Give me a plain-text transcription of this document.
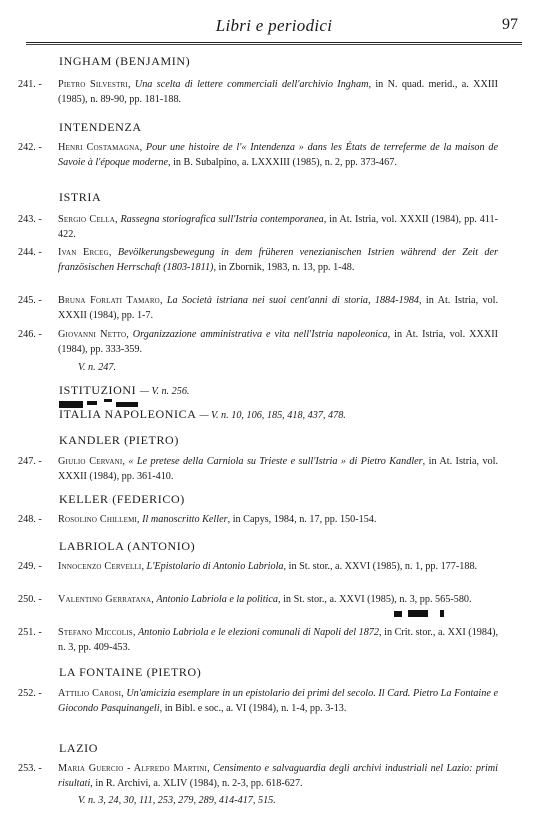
Libri e periodici	97
INGHAM (BENJAMIN)
241. - Pietro Silvestri, Una scelta di lettere commerciali dell'archivio Ingham, in N. quad. merid., a. XXIII (1985), n. 89-90, pp. 181-188.
INTENDENZA
242. - Henri Costamagna, Pour une histoire de l'« Intendenza » dans les États de terreferme de la maison de Savoie à l'époque moderne, in B. Subalpino, a. LXXXIII (1985), n. 2, pp. 373-467.
ISTRIA
243. - Sergio Cella, Rassegna storiografica sull'Istria contemporanea, in At. Istria, vol. XXXII (1984), pp. 411-422.
244. - Ivan Erceg, Bevölkerungsbewegung in dem früheren venezianischen Istrien während der Zeit der französischen Herrschaft (1803-1811), in Zbornik, 1983, n. 13, pp. 1-48.
245. - Bruna Forlati Tamaro, La Società istriana nei suoi cent'anni di storia, 1884-1984, in At. Istria, vol. XXXII (1984), pp. 1-7.
246. - Giovanni Netto, Organizzazione amministrativa e vita nell'Istria napoleonica, in At. Istria, vol. XXXII (1984), pp. 333-359.
V. n. 247.
ISTITUZIONI — V. n. 256.
ITALIA NAPOLEONICA — V. n. 10, 106, 185, 418, 437, 478.
KANDLER (PIETRO)
247. - Giulio Cervani, « Le pretese della Carniola su Trieste e sull'Istria » di Pietro Kandler, in At. Istria, vol. XXXII (1984), pp. 361-410.
KELLER (FEDERICO)
248. - Rosolino Chillemi, Il manoscritto Keller, in Capys, 1984, n. 17, pp. 150-154.
LABRIOLA (ANTONIO)
249. - Innocenzo Cervelli, L'Epistolario di Antonio Labriola, in St. stor., a. XXVI (1985), n. 1, pp. 177-188.
250. - Valentino Gerratana, Antonio Labriola e la politica, in St. stor., a. XXVI (1985), n. 3, pp. 565-580.
251. - Stefano Miccolis, Antonio Labriola e le elezioni comunali di Napoli del 1872, in Crit. stor., a. XXI (1984), n. 3, pp. 409-453.
LA FONTAINE (PIETRO)
252. - Attilio Carosi, Un'amicizia esemplare in un epistolario dei primi del secolo. Il Card. Pietro La Fontaine e Giocondo Pasquinangeli, in Bibl. e soc., a. VI (1984), n. 1-4, pp. 3-13.
LAZIO
253. - Maria Guercio - Alfredo Martini, Censimento e salvaguardia degli archivi industriali nel Lazio: primi risultati, in R. Archivi, a. XLIV (1984), n. 2-3, pp. 618-627.
V. n. 3, 24, 30, 111, 253, 279, 289, 414-417, 515.
